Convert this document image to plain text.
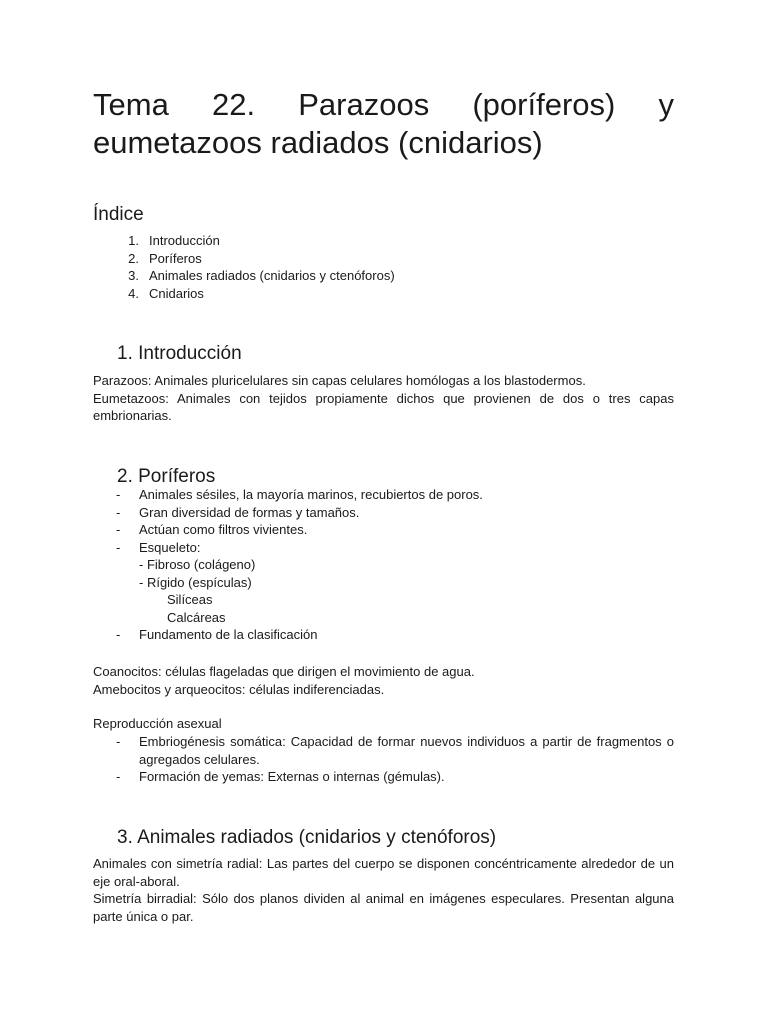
Tema 22. Parazoos (poríferos) y eumetazoos radiados (cnidarios)
Índice
1. Introducción
2. Poríferos
3. Animales radiados (cnidarios y ctenóforos)
4. Cnidarios
1. Introducción
Parazoos: Animales pluricelulares sin capas celulares homólogas a los blastodermos.
Eumetazoos: Animales con tejidos propiamente dichos que provienen de dos o tres capas embrionarias.
2. Poríferos
- Animales sésiles, la mayoría marinos, recubiertos de poros.
- Gran diversidad de formas y tamaños.
- Actúan como filtros vivientes.
- Esqueleto:
- Fibroso (colágeno)
- Rígido (espículas)
Silíceas
Calcáreas
- Fundamento de la clasificación
Coanocitos: células flageladas que dirigen el movimiento de agua.
Amebocitos y arqueocitos: células indiferenciadas.
Reproducción asexual
- Embriogénesis somática: Capacidad de formar nuevos individuos a partir de fragmentos o agregados celulares.
- Formación de yemas: Externas o internas (gémulas).
3. Animales radiados (cnidarios y ctenóforos)
Animales con simetría radial: Las partes del cuerpo se disponen concéntricamente alrededor de un eje oral-aboral.
Simetría birradial: Sólo dos planos dividen al animal en imágenes especulares. Presentan alguna parte única o par.
